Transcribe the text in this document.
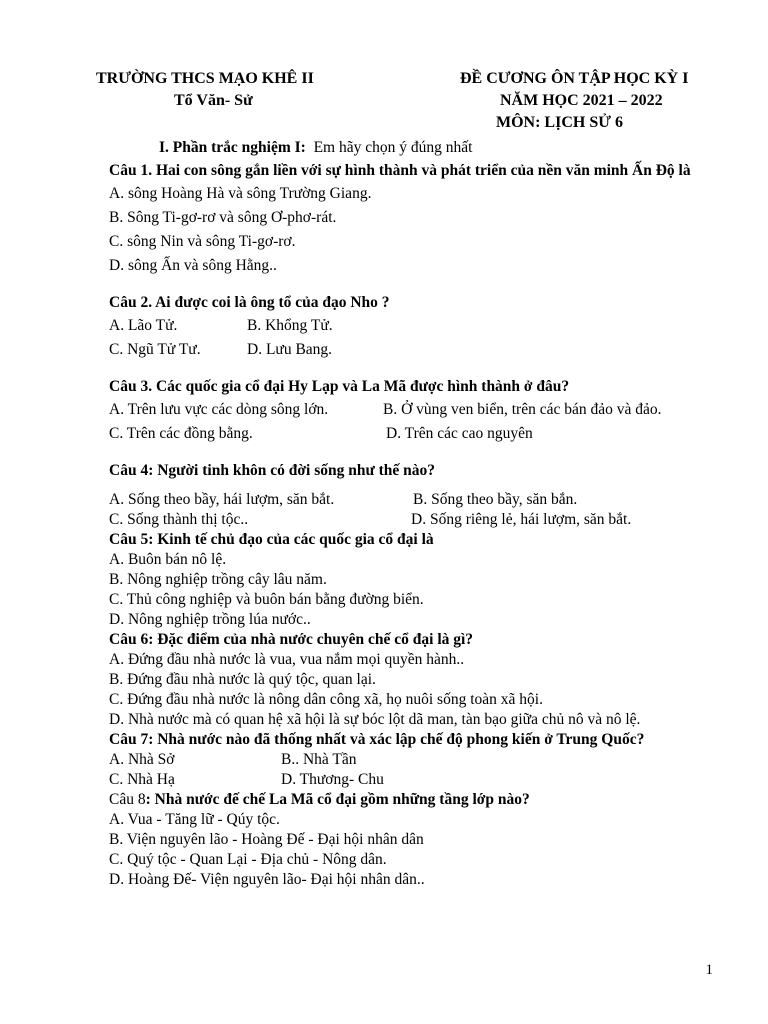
TRƯỜNG THCS MẠO KHÊ II
Tổ Văn- Sử
ĐỀ CƯƠNG ÔN TẬP HỌC KỲ I
NĂM HỌC 2021 – 2022
MÔN: LỊCH SỬ 6
I. Phần trắc nghiệm I: Em hãy chọn ý đúng nhất
Câu 1. Hai con sông gắn liền với sự hình thành và phát triển của nền văn minh Ấn Độ là
A. sông Hoàng Hà và sông Trường Giang.
B. Sông Ti-gơ-rơ và sông Ơ-phơ-rát.
C. sông Nin và sông Ti-gơ-rơ.
D. sông Ấn và sông Hằng..
Câu 2. Ai được coi là ông tổ của đạo Nho ?
A. Lão Tử.	B. Khổng Tử.
C. Ngũ Tử Tư.	D. Lưu Bang.
Câu 3. Các quốc gia cổ đại Hy Lạp và La Mã được hình thành ở đâu?
A. Trên lưu vực các dòng sông lớn.	B. Ở vùng ven biển, trên các bán đảo và đảo.
C. Trên các đồng bằng.	D. Trên các cao nguyên
Câu 4: Người tinh khôn có đời sống như thế nào?
A. Sống theo bầy, hái lượm, săn bắt.	B. Sống theo bầy, săn bắn.
C. Sống thành thị tộc..	D. Sống riêng lẻ, hái lượm, săn bắt.
Câu 5: Kinh tế chủ đạo của các quốc gia cổ đại là
A. Buôn bán nô lệ.
B. Nông nghiệp trồng cây lâu năm.
C. Thủ công nghiệp và buôn bán bằng đường biển.
D. Nông nghiệp trồng lúa nước..
Câu 6: Đặc điểm của nhà nước chuyên chế cổ đại là gì?
A. Đứng đầu nhà nước là vua, vua nắm mọi quyền hành..
B. Đứng đầu nhà nước là quý tộc, quan lại.
C. Đứng đầu nhà nước là nông dân công xã, họ nuôi sống toàn xã hội.
D. Nhà nước mà có quan hệ xã hội là sự bóc lột dã man, tàn bạo giữa chủ nô và nô lệ.
Câu 7: Nhà nước nào đã thống nhất và xác lập chế độ phong kiến ở Trung Quốc?
A. Nhà Sở	B.. Nhà Tần
C. Nhà Hạ	D. Thương- Chu
Câu 8: Nhà nước đế chế La Mã cổ đại gồm những tầng lớp nào?
A. Vua - Tăng lữ - Qúy tộc.
B. Viện nguyên lão - Hoàng Đế - Đại hội nhân dân
C. Quý tộc - Quan Lại - Địa chủ - Nông dân.
D. Hoàng Đế- Viện nguyên lão- Đại hội nhân dân..
1
